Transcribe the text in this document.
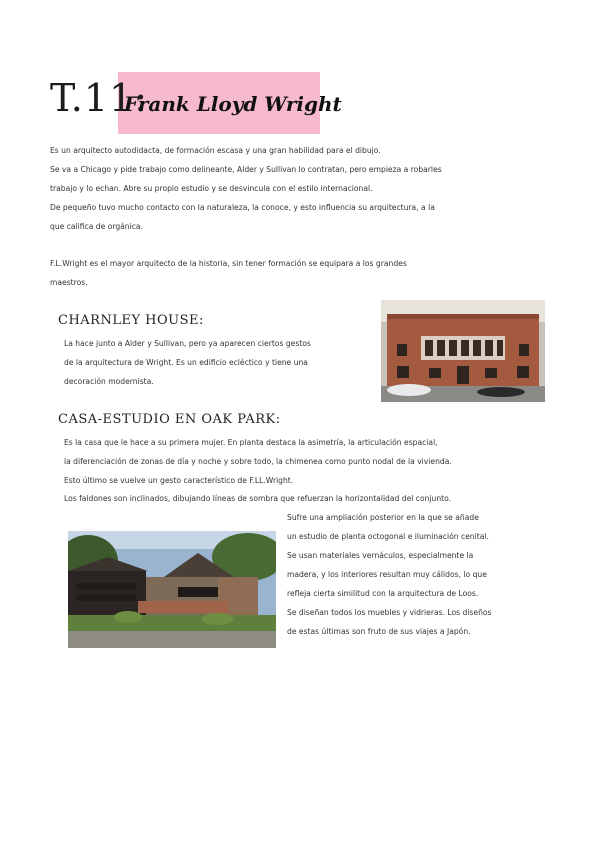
T.11:
Frank Lloyd Wright
Es un arquitecto autodidacta, de formación escasa y una gran habilidad para el dibujo.
Se va a Chicago y pide trabajo como delineante, Alder y Sullivan lo contratan, pero empieza a robarles
trabajo y lo echan. Abre su propio estudio y se desvincula con el estilo internacional.
De pequeño tuvo mucho contacto con la naturaleza, la conoce, y esto influencia su arquitectura, a la
que califica de orgánica.
F.L.Wright es el mayor arquitecto de la historia, sin tener formación se equipara a los grandes
maestros.
CHARNLEY HOUSE:
La hace junto a Alder y Sullivan, pero ya aparecen ciertos gestos
de la arquitectura de Wright. Es un edificio ecléctico y tiene una
decoración modernista.
CASA-ESTUDIO EN OAK PARK:
Es la casa que le hace a su primera mujer. En planta destaca la asimetría, la articulación espacial,
la diferenciación de zonas de día y noche y sobre todo, la chimenea como punto nodal de la vivienda.
Esto último se vuelve un gesto característico de F.LL.Wright.
Los faldones son inclinados, dibujando líneas de sombra que refuerzan la horizontalidad del conjunto.
Sufre una ampliación posterior en la que se añade
un estudio de planta octogonal e iluminación cenital.
Se usan materiales vernáculos, especialmente la
madera, y los interiores resultan muy cálidos, lo que
refleja cierta similitud con la arquitectura de Loos.
Se diseñan todos los muebles y vidrieras. Los diseños
de estas últimas son fruto de sus viajes a Japón.
